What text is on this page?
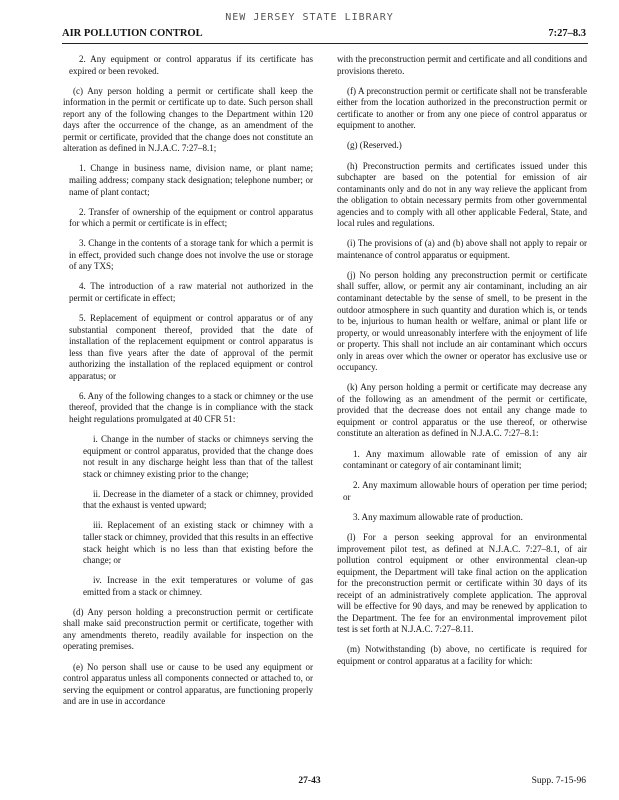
NEW JERSEY STATE LIBRARY
AIR POLLUTION CONTROL	7:27–8.3

2. Any equipment or control apparatus if its certificate has expired or been revoked.

(c) Any person holding a permit or certificate shall keep the information in the permit or certificate up to date. Such person shall report any of the following changes to the Department within 120 days after the occurrence of the change, as an amendment of the permit or certificate, provided that the change does not constitute an alteration as defined in N.J.A.C. 7:27–8.1;

1. Change in business name, division name, or plant name; mailing address; company stack designation; telephone number; or name of plant contact;

2. Transfer of ownership of the equipment or control apparatus for which a permit or certificate is in effect;

3. Change in the contents of a storage tank for which a permit is in effect, provided such change does not involve the use or storage of any TXS;

4. The introduction of a raw material not authorized in the permit or certificate in effect;

5. Replacement of equipment or control apparatus or of any substantial component thereof, provided that the date of installation of the replacement equipment or control apparatus is less than five years after the date of approval of the permit authorizing the installation of the replaced equipment or control apparatus; or

6. Any of the following changes to a stack or chimney or the use thereof, provided that the change is in compliance with the stack height regulations promulgated at 40 CFR 51:

i. Change in the number of stacks or chimneys serving the equipment or control apparatus, provided that the change does not result in any discharge height less than that of the tallest stack or chimney existing prior to the change;

ii. Decrease in the diameter of a stack or chimney, provided that the exhaust is vented upward;

iii. Replacement of an existing stack or chimney with a taller stack or chimney, provided that this results in an effective stack height which is no less than that existing before the change; or

iv. Increase in the exit temperatures or volume of gas emitted from a stack or chimney.

(d) Any person holding a preconstruction permit or certificate shall make said preconstruction permit or certificate, together with any amendments thereto, readily available for inspection on the operating premises.

(e) No person shall use or cause to be used any equipment or control apparatus unless all components connected or attached to, or serving the equipment or control apparatus, are functioning properly and are in use in accordance

with the preconstruction permit and certificate and all conditions and provisions thereto.

(f) A preconstruction permit or certificate shall not be transferable either from the location authorized in the preconstruction permit or certificate to another or from any one piece of control apparatus or equipment to another.

(g) (Reserved.)

(h) Preconstruction permits and certificates issued under this subchapter are based on the potential for emission of air contaminants only and do not in any way relieve the applicant from the obligation to obtain necessary permits from other governmental agencies and to comply with all other applicable Federal, State, and local rules and regulations.

(i) The provisions of (a) and (b) above shall not apply to repair or maintenance of control apparatus or equipment.

(j) No person holding any preconstruction permit or certificate shall suffer, allow, or permit any air contaminant, including an air contaminant detectable by the sense of smell, to be present in the outdoor atmosphere in such quantity and duration which is, or tends to be, injurious to human health or welfare, animal or plant life or property, or would unreasonably interfere with the enjoyment of life or property. This shall not include an air contaminant which occurs only in areas over which the owner or operator has exclusive use or occupancy.

(k) Any person holding a permit or certificate may decrease any of the following as an amendment of the permit or certificate, provided that the decrease does not entail any change made to equipment or control apparatus or the use thereof, or otherwise constitute an alteration as defined in N.J.A.C. 7:27–8.1:

1. Any maximum allowable rate of emission of any air contaminant or category of air contaminant limit;

2. Any maximum allowable hours of operation per time period; or

3. Any maximum allowable rate of production.

(l) For a person seeking approval for an environmental improvement pilot test, as defined at N.J.A.C. 7:27–8.1, of air pollution control equipment or other environmental clean-up equipment, the Department will take final action on the application for the preconstruction permit or certificate within 30 days of its receipt of an administratively complete application. The approval will be effective for 90 days, and may be renewed by application to the Department. The fee for an environmental improvement pilot test is set forth at N.J.A.C. 7:27–8.11.

(m) Notwithstanding (b) above, no certificate is required for equipment or control apparatus at a facility for which:

27-43	Supp. 7-15-96
